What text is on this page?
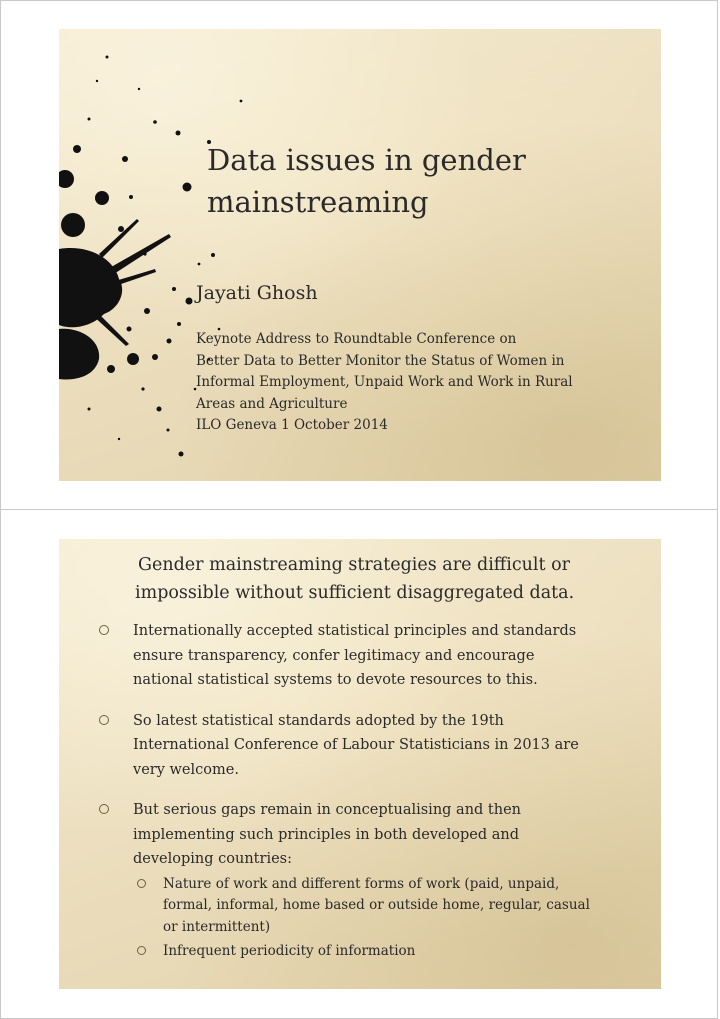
Data issues in gender
mainstreaming

Jayati Ghosh

Keynote Address to Roundtable Conference on
Better Data to Better Monitor the Status of Women in
Informal Employment, Unpaid Work and Work in Rural
Areas and Agriculture
ILO Geneva 1 October 2014
Gender mainstreaming strategies are difficult or
impossible without sufficient disaggregated data.
Internationally accepted statistical principles and standards
ensure transparency, confer legitimacy and encourage
national statistical systems to devote resources to this.
So latest statistical standards adopted by the 19th
International Conference of Labour Statisticians in 2013 are
very welcome.
But serious gaps remain in conceptualising and then
implementing such principles in both developed and
developing countries:
Nature of work and different forms of work (paid, unpaid,
formal, informal, home based or outside home, regular, casual
or intermittent)
Infrequent periodicity of information
